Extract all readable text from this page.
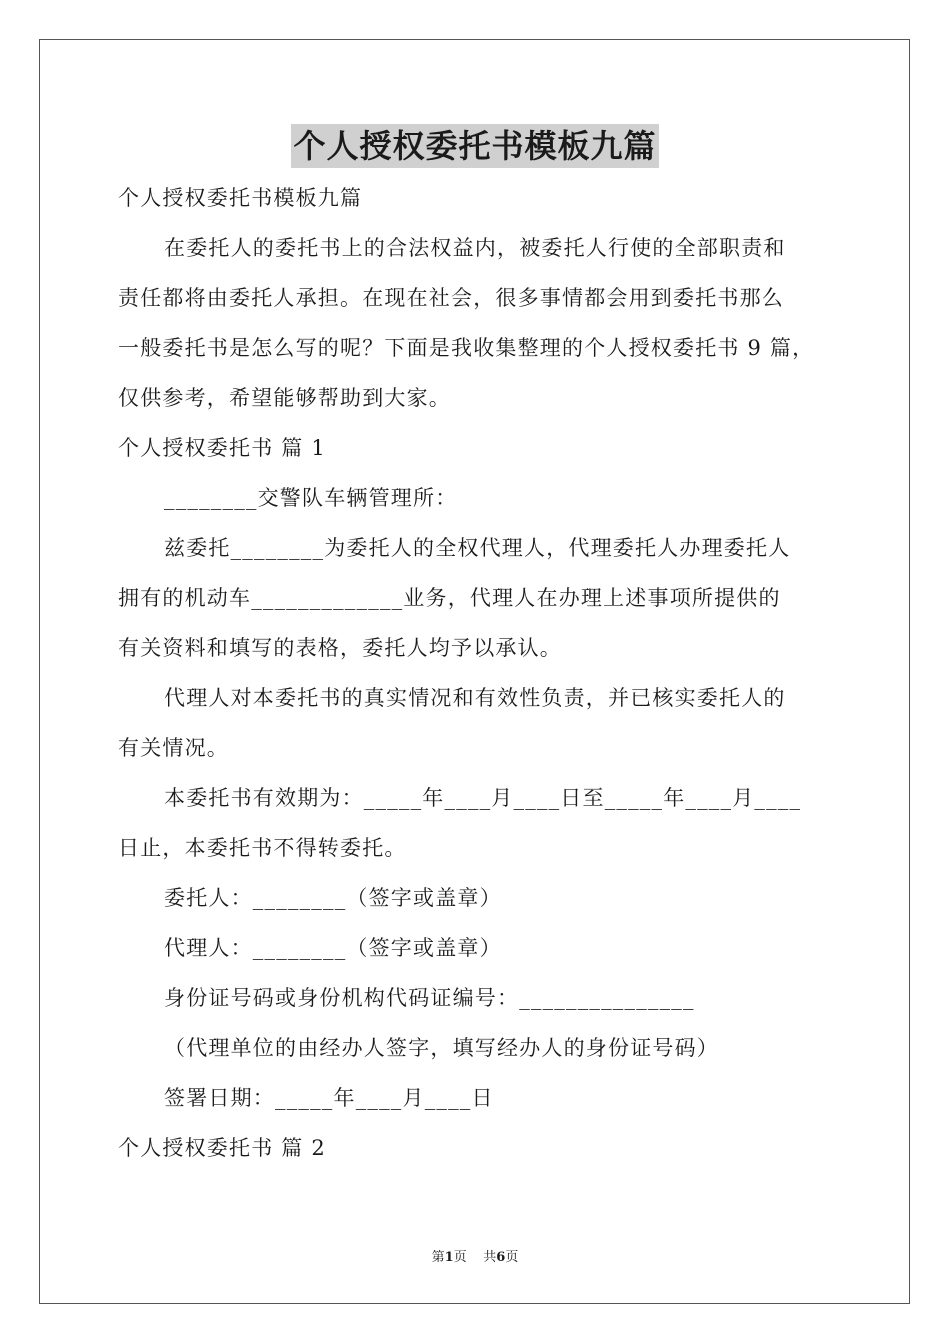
个人授权委托书模板九篇
个人授权委托书模板九篇
在委托人的委托书上的合法权益内，被委托人行使的全部职责和
责任都将由委托人承担。在现在社会，很多事情都会用到委托书那么
一般委托书是怎么写的呢？下面是我收集整理的个人授权委托书 9 篇，
仅供参考，希望能够帮助到大家。
个人授权委托书 篇 1
________交警队车辆管理所：
兹委托________为委托人的全权代理人，代理委托人办理委托人
拥有的机动车_____________业务，代理人在办理上述事项所提供的
有关资料和填写的表格，委托人均予以承认。
代理人对本委托书的真实情况和有效性负责，并已核实委托人的
有关情况。
本委托书有效期为：_____年____月____日至_____年____月____
日止，本委托书不得转委托。
委托人：________（签字或盖章）
代理人：________（签字或盖章）
身份证号码或身份机构代码证编号：_______________
（代理单位的由经办人签字，填写经办人的身份证号码）
签署日期：_____年____月____日
个人授权委托书 篇 2
第1页 共6页
